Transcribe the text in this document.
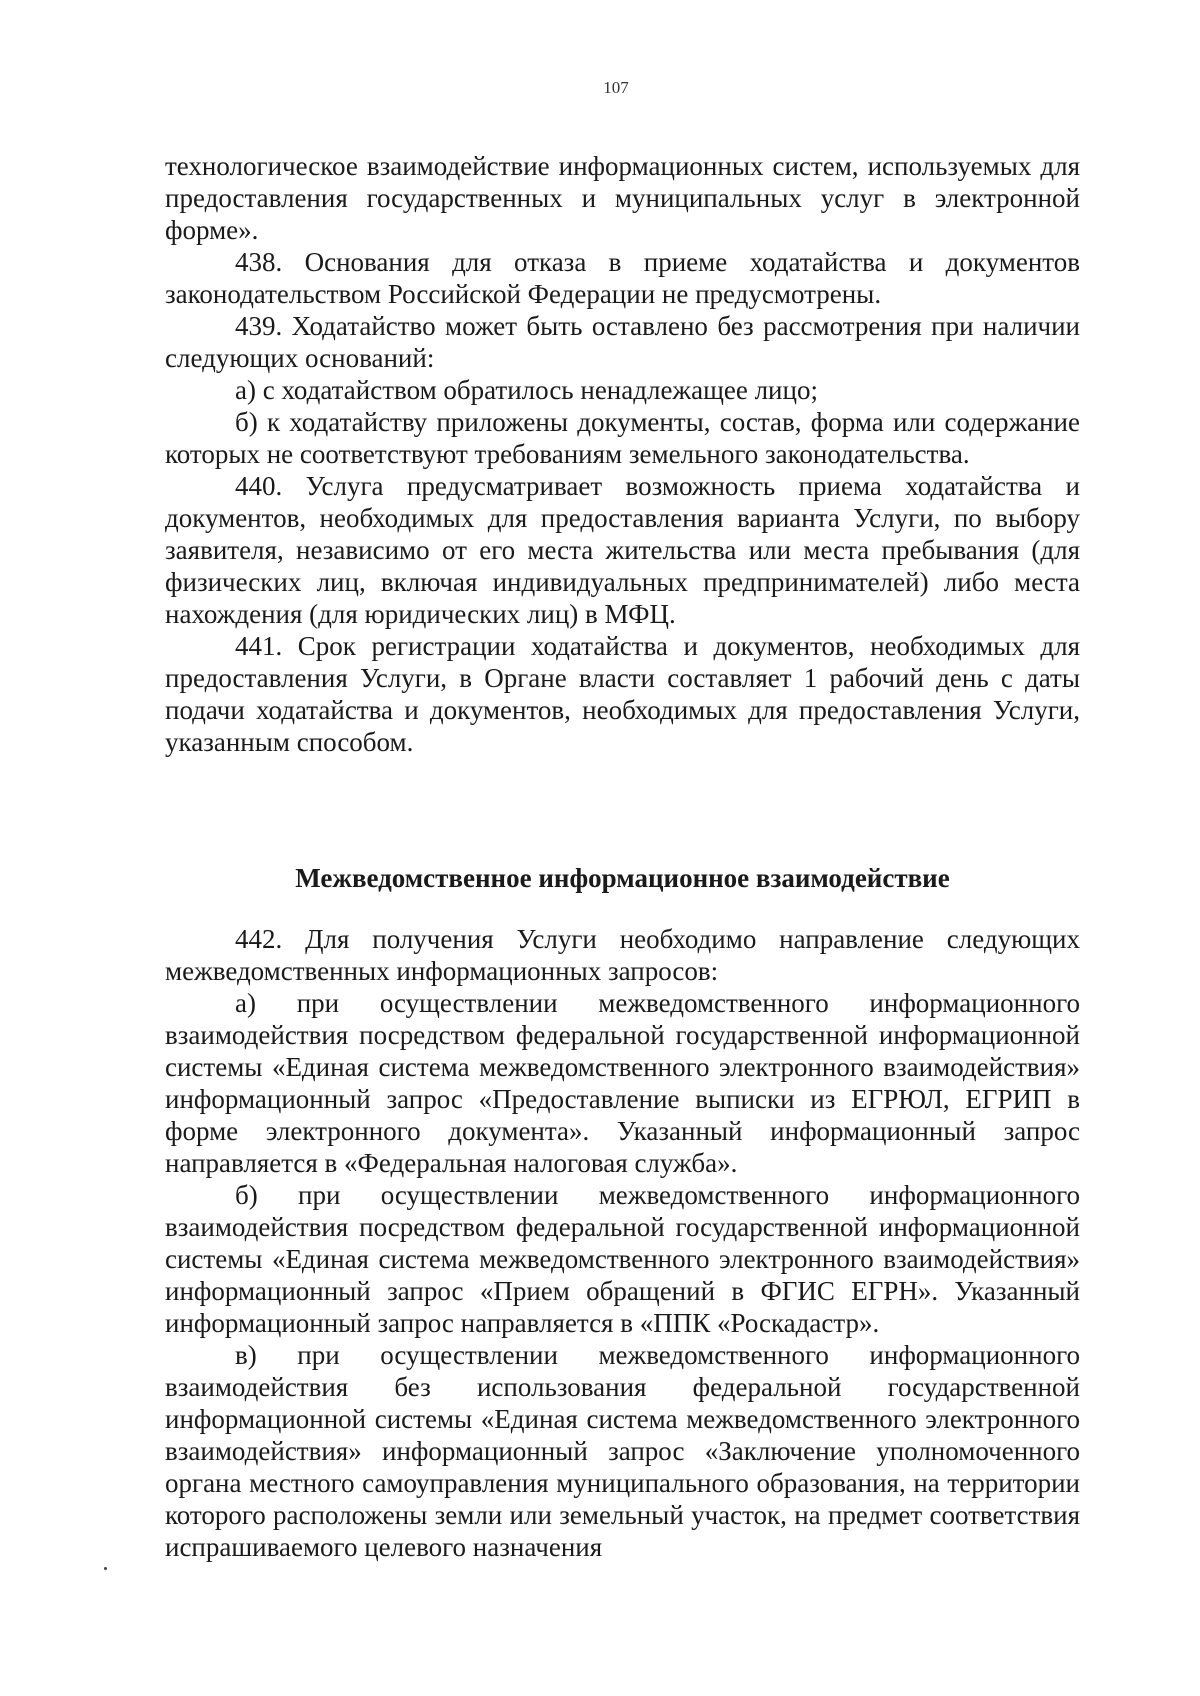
107

технологическое взаимодействие информационных систем, используемых для предоставления государственных и муниципальных услуг в электронной форме».

438. Основания для отказа в приеме ходатайства и документов законодательством Российской Федерации не предусмотрены.

439. Ходатайство может быть оставлено без рассмотрения при наличии следующих оснований:

а) с ходатайством обратилось ненадлежащее лицо;

б) к ходатайству приложены документы, состав, форма или содержание которых не соответствуют требованиям земельного законодательства.

440. Услуга предусматривает возможность приема ходатайства и документов, необходимых для предоставления варианта Услуги, по выбору заявителя, независимо от его места жительства или места пребывания (для физических лиц, включая индивидуальных предпринимателей) либо места нахождения (для юридических лиц) в МФЦ.

441. Срок регистрации ходатайства и документов, необходимых для предоставления Услуги, в Органе власти составляет 1 рабочий день с даты подачи ходатайства и документов, необходимых для предоставления Услуги, указанным способом.

Межведомственное информационное взаимодействие

442. Для получения Услуги необходимо направление следующих межведомственных информационных запросов:

а) при осуществлении межведомственного информационного взаимодействия посредством федеральной государственной информационной системы «Единая система межведомственного электронного взаимодействия» информационный запрос «Предоставление выписки из ЕГРЮЛ, ЕГРИП в форме электронного документа». Указанный информационный запрос направляется в «Федеральная налоговая служба».

б) при осуществлении межведомственного информационного взаимодействия посредством федеральной государственной информационной системы «Единая система межведомственного электронного взаимодействия» информационный запрос «Прием обращений в ФГИС ЕГРН». Указанный информационный запрос направляется в «ППК «Роскадастр».

в) при осуществлении межведомственного информационного взаимодействия без использования федеральной государственной информационной системы «Единая система межведомственного электронного взаимодействия» информационный запрос «Заключение уполномоченного органа местного самоуправления муниципального образования, на территории которого расположены земли или земельный участок, на предмет соответствия испрашиваемого целевого назначения
